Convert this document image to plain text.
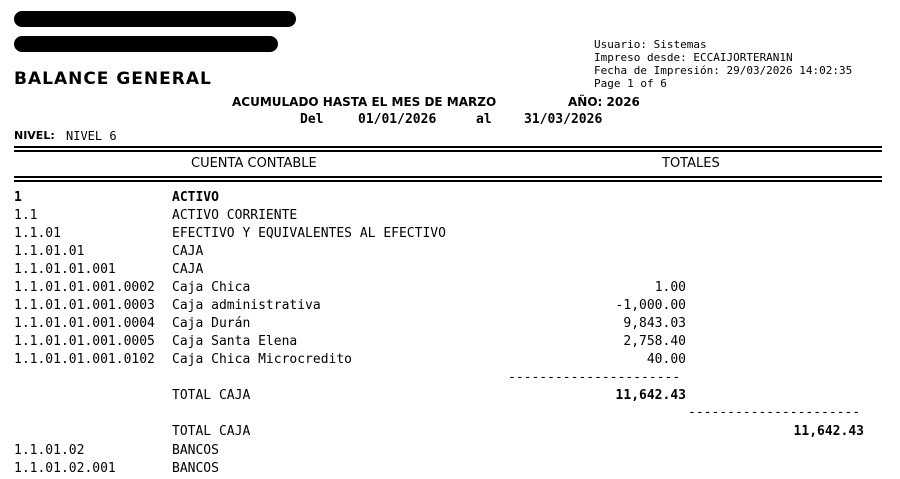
Usuario: Sistemas
Impreso desde: ECCAIJORTERAN1N
Fecha de Impresión: 29/03/2026 14:02:35
Page 1 of 6
BALANCE GENERAL
ACUMULADO HASTA EL MES DE MARZO	AÑO: 2026
Del	01/01/2026	al 31/03/2026
NIVEL: NIVEL 6
CUENTA CONTABLE	TOTALES
1	ACTIVO
1.1	ACTIVO CORRIENTE
1.1.01	EFECTIVO Y EQUIVALENTES AL EFECTIVO
1.1.01.01	CAJA
1.1.01.01.001	CAJA
1.1.01.01.001.0002 Caja Chica	1.00
1.1.01.01.001.0003 Caja administrativa	-1,000.00
1.1.01.01.001.0004 Caja Durán	9,843.03
1.1.01.01.001.0005 Caja Santa Elena	2,758.40
1.1.01.01.001.0102 Caja Chica Microcredito	40.00
----------------------
TOTAL CAJA	11,642.43
----------------------
TOTAL CAJA	11,642.43
1.1.01.02	BANCOS
1.1.01.02.001	BANCOS
